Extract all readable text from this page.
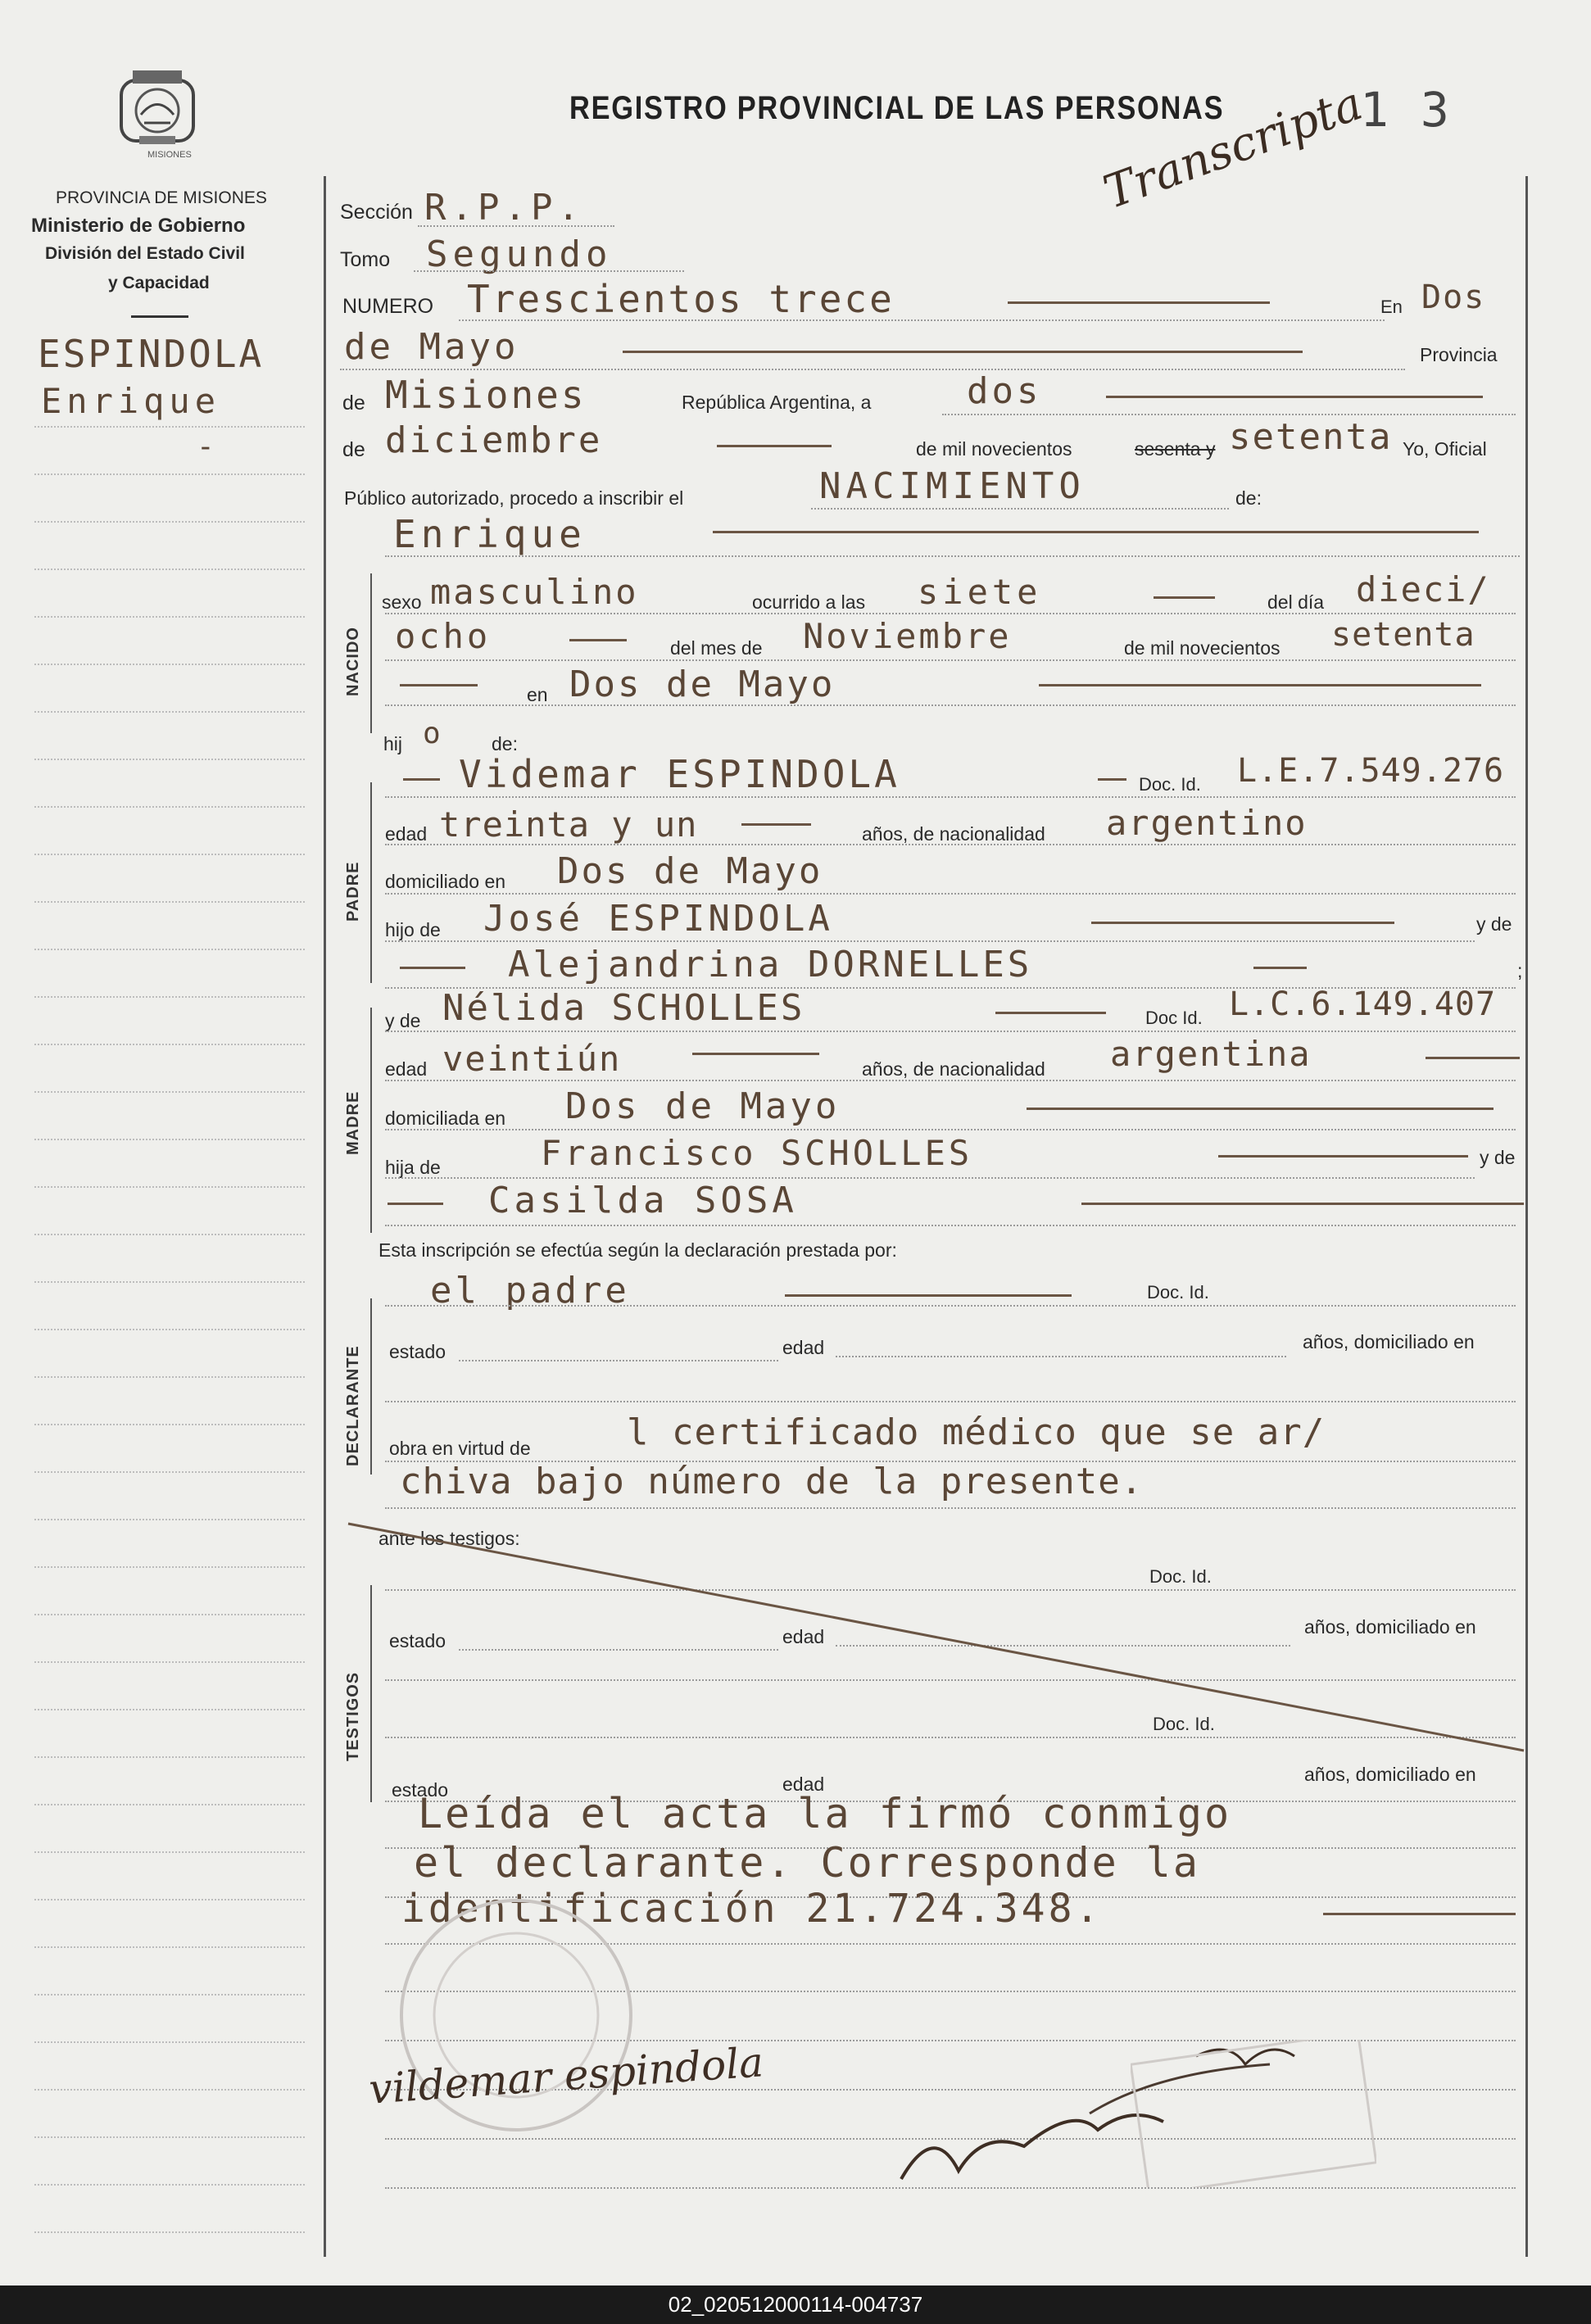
MISIONES
PROVINCIA DE MISIONES
Ministerio de Gobierno
División del Estado Civil
y Capacidad
REGISTRO PROVINCIAL DE LAS PERSONAS	1 3
Transcripta
ESPINDOLA
Enrique
-
Sección R.P.P.
Tomo Segundo
NUMERO Trescientos trece	En Dos
de Mayo	Provincia
de Misiones	República Argentina, a	dos
de diciembre	de mil novecientos	sesenta y setenta Yo, Oficial
Público autorizado, procedo a inscribir el	NACIMIENTO	de:
Enrique
NACIDO
sexo masculino	ocurrido a las siete	del día dieci/
ocho	del mes de Noviembre	de mil novecientos setenta
en Dos de Mayo
hij o de:
PADRE
Videmar ESPINDOLA	Doc. Id. L.E.7.549.276
edad treinta y un	años, de nacionalidad argentino
domiciliado en Dos de Mayo
hijo de José ESPINDOLA	y de
Alejandrina DORNELLES	;
MADRE
y de Nélida SCHOLLES	Doc Id. L.C.6.149.407
edad veintiún	años, de nacionalidad argentina
domiciliada en Dos de Mayo
hija de	Francisco SCHOLLES	y de
Casilda SOSA
Esta inscripción se efectúa según la declaración prestada por:
DECLARANTE
el padre	Doc. Id.
estado	edad	años, domiciliado en
obra en virtud de	l certificado médico que se ar/
chiva bajo número de la presente.
ante los testigos:
TESTIGOS
Doc. Id.
estado	edad	años, domiciliado en
Doc. Id.
estado	edad	años, domiciliado en
Leída el acta la firmó conmigo
el declarante. Corresponde la
identificación 21.724.348.
vildemar espindola
02_020512000114-004737
